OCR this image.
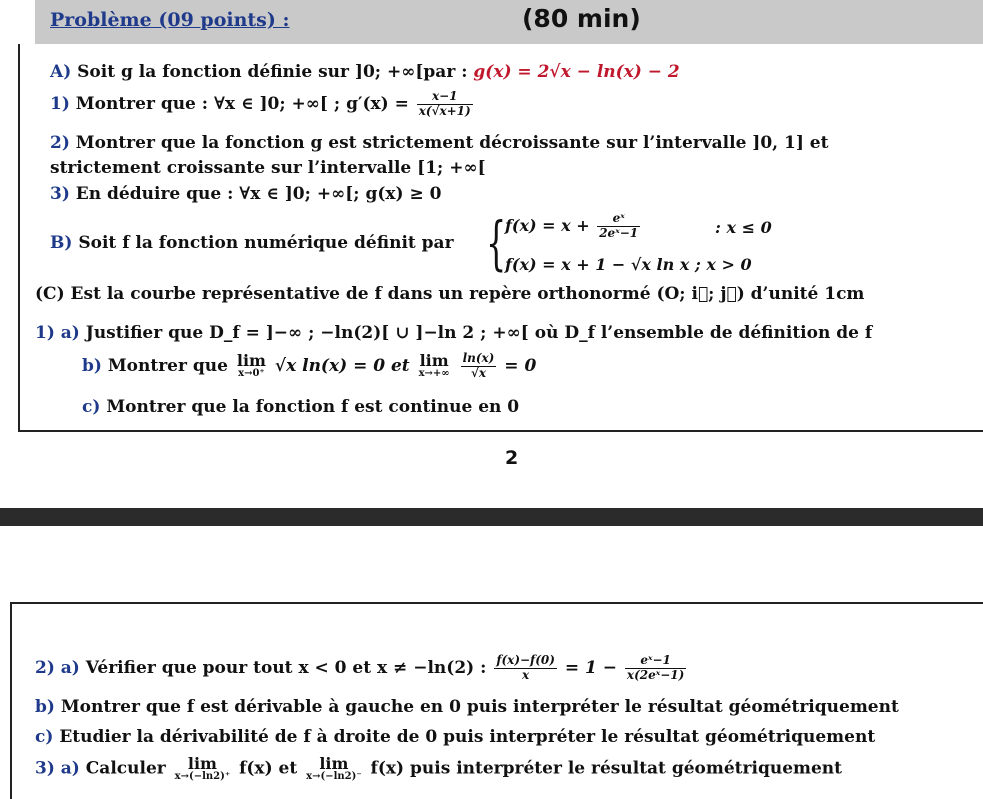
Problème (09 points) :	(80 min)
A) Soit g la fonction définie sur ]0; +∞[par : g(x) = 2√x − ln(x) − 2
1) Montrer que : ∀x ∈ ]0; +∞[ ; $g'(x) = \frac{x-1}{x(√x+1)}$
2) Montrer que la fonction g est strictement décroissante sur l’intervalle ]0, 1] et
strictement croissante sur l’intervalle [1; +∞[
3) En déduire que : ∀x ∈ ]0; +∞[; g(x) ≥ 0
B) Soit f la fonction numérique définit par {
$f(x) = x + \frac{\text{eˣ}}{\text{2eˣ−1}}$	: x ≤ 0
f(x) = x + 1 − √x ln x ; x > 0
(C) Est la courbe représentative de f dans un repère orthonormé (O; i⃗; j⃗) d’unité 1cm
1) a) Justifier que D_f = ]−∞ ; −ln(2)[ ∪ ]−ln 2 ; +∞[ où D_f l’ensemble de définition de f
b) Montrer que lim
x→0⁺ √x ln(x) = 0 et lim
x→+∞
$\frac{\ln(x)}{√x} = 0$
c) Montrer que la fonction f est continue en 0
2
2) a) Vérifier que pour tout x < 0 et x ≠ −ln(2) : $\frac{f(x)-f(0)}{x} = 1 - \frac{\text{eˣ−1}}{\text{x(2eˣ−1)}}$
b) Montrer que f est dérivable à gauche en 0 puis interpréter le résultat géométriquement
c) Etudier la dérivabilité de f à droite de 0 puis interpréter le résultat géométriquement
3) a) Calculer	lim
x→(−ln2)⁺ f(x) et	lim
x→(−ln2)⁻ f(x) puis interpréter le résultat géométriquement
